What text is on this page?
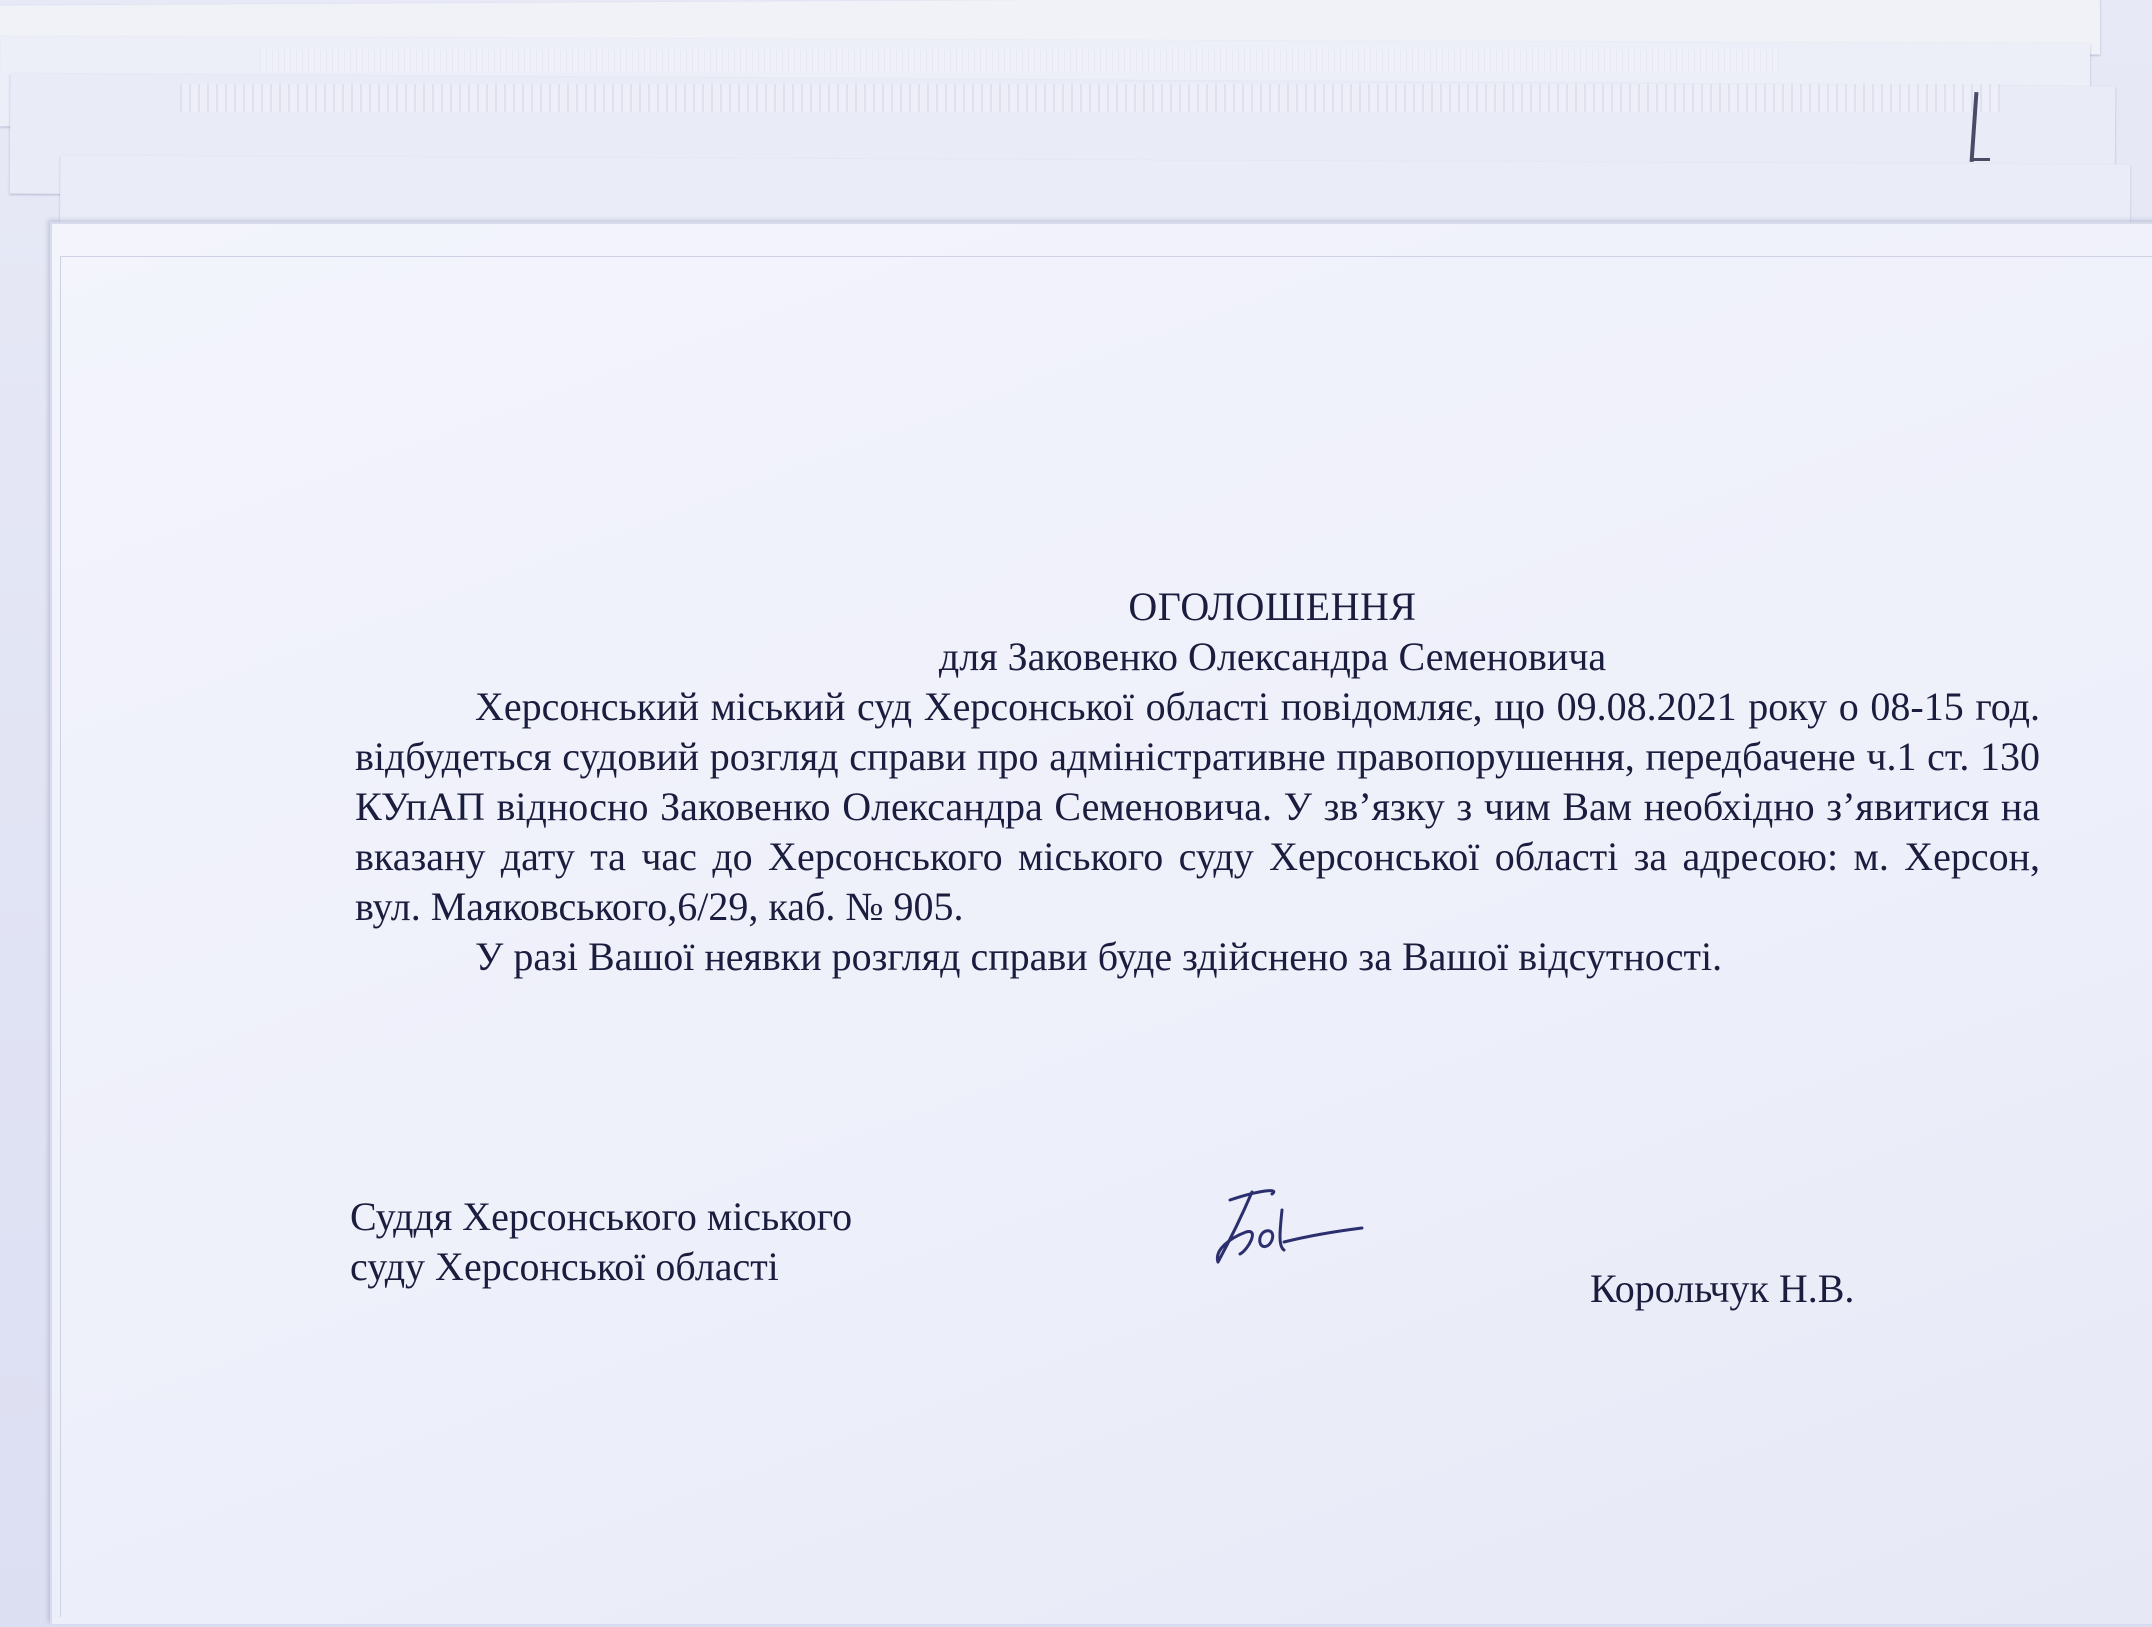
ОГОЛОШЕННЯ

для Заковенко Олександра Семеновича

Херсонський міський суд Херсонської області повідомляє, що 09.08.2021 року о 08-15 год. відбудеться судовий розгляд справи про адміністративне правопорушення, передбачене ч.1 ст. 130 КУпАП відносно Заковенко Олександра Семеновича. У зв’язку з чим Вам необхідно з’явитися на вказану дату та час до Херсонського міського суду Херсонської області за адресою: м. Херсон, вул. Маяковського,6/29, каб. № 905.

У разі Вашої неявки розгляд справи буде здійснено за Вашої відсутності.

Суддя Херсонського міського
суду Херсонської області	Корольчук Н.В.
